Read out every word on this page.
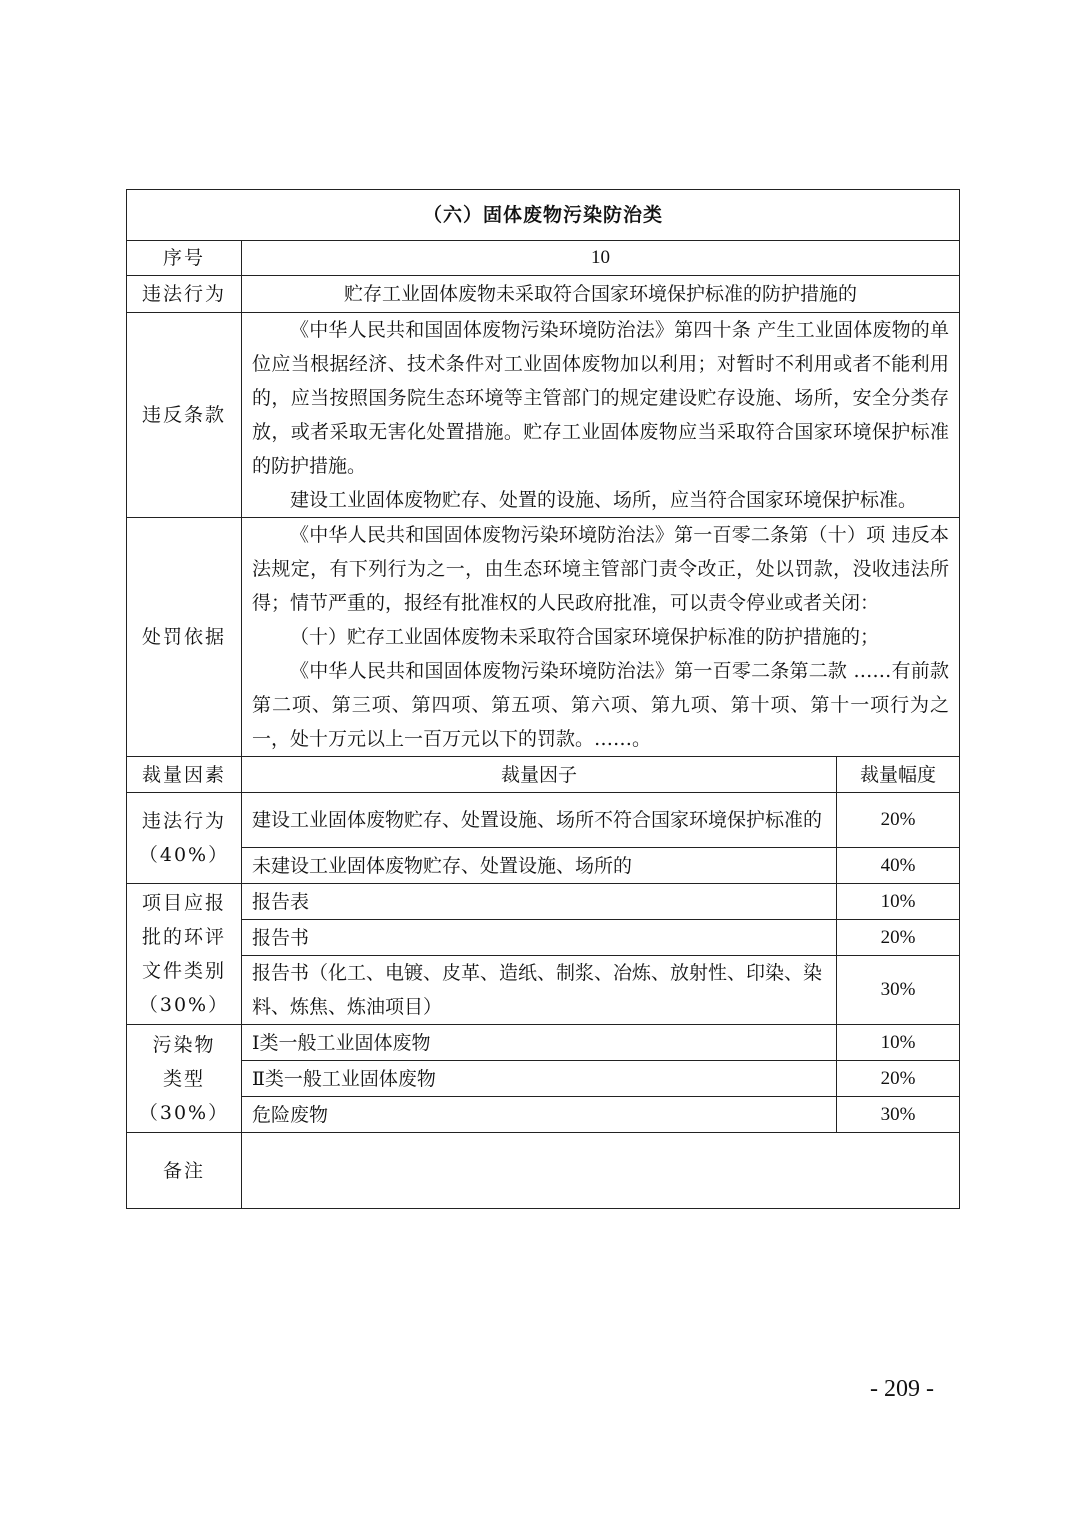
（六）固体废物污染防治类		
序号	10	
违法行为	贮存工业固体废物未采取符合国家环境保护标准的防护措施的	
违反条款	《中华人民共和国固体废物污染环境防治法》第四十条 产生工业固体废物的单位应当根据经济、技术条件对工业固体废物加以利用；对暂时不利用或者不能利用的，应当按照国务院生态环境等主管部门的规定建设贮存设施、场所，安全分类存放，或者采取无害化处置措施。贮存工业固体废物应当采取符合国家环境保护标准的防护措施。
建设工业固体废物贮存、处置的设施、场所，应当符合国家环境保护标准。	

处罚依据	《中华人民共和国固体废物污染环境防治法》第一百零二条第（十）项 违反本法规定，有下列行为之一，由生态环境主管部门责令改正，处以罚款，没收违法所得；情节严重的，报经有批准权的人民政府批准，可以责令停业或者关闭：
（十）贮存工业固体废物未采取符合国家环境保护标准的防护措施的；
《中华人民共和国固体废物污染环境防治法》第一百零二条第二款 ……有前款第二项、第三项、第四项、第五项、第六项、第九项、第十项、第十一项行为之一，处十万元以上一百万元以下的罚款。……。	

裁量因素	裁量因子	裁量幅度
违法行为
（40%）	建设工业固体废物贮存、处置设施、场所不符合国家环境保护标准的	20%
	未建设工业固体废物贮存、处置设施、场所的	40%
项目应报批的环评文件类别
（30%）	报告表	10%
	报告书	20%
	报告书（化工、电镀、皮革、造纸、制浆、冶炼、放射性、印染、染料、炼焦、炼油项目）	30%
污染物
类型
（30%）	Ⅰ类一般工业固体废物	10%
	Ⅱ类一般工业固体废物	20%
	危险废物	30%
备注		
- 209 -
